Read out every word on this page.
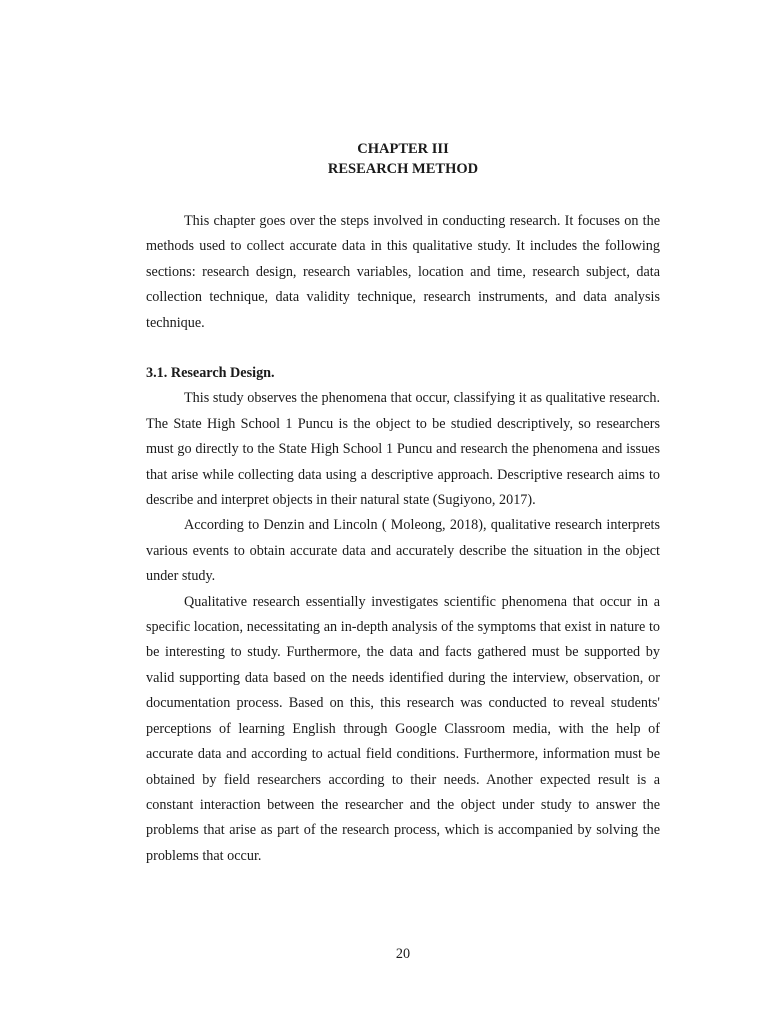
CHAPTER III
RESEARCH METHOD

This chapter goes over the steps involved in conducting research. It focuses on the methods used to collect accurate data in this qualitative study. It includes the following sections: research design, research variables, location and time, research subject, data collection technique, data validity technique, research instruments, and data analysis technique.

3.1. Research Design.

This study observes the phenomena that occur, classifying it as qualitative research. The State High School 1 Puncu is the object to be studied descriptively, so researchers must go directly to the State High School 1 Puncu and research the phenomena and issues that arise while collecting data using a descriptive approach. Descriptive research aims to describe and interpret objects in their natural state (Sugiyono, 2017).

According to Denzin and Lincoln ( Moleong, 2018), qualitative research interprets various events to obtain accurate data and accurately describe the situation in the object under study.

Qualitative research essentially investigates scientific phenomena that occur in a specific location, necessitating an in-depth analysis of the symptoms that exist in nature to be interesting to study. Furthermore, the data and facts gathered must be supported by valid supporting data based on the needs identified during the interview, observation, or documentation process. Based on this, this research was conducted to reveal students' perceptions of learning English through Google Classroom media, with the help of accurate data and according to actual field conditions. Furthermore, information must be obtained by field researchers according to their needs. Another expected result is a constant interaction between the researcher and the object under study to answer the problems that arise as part of the research process, which is accompanied by solving the problems that occur.

20
